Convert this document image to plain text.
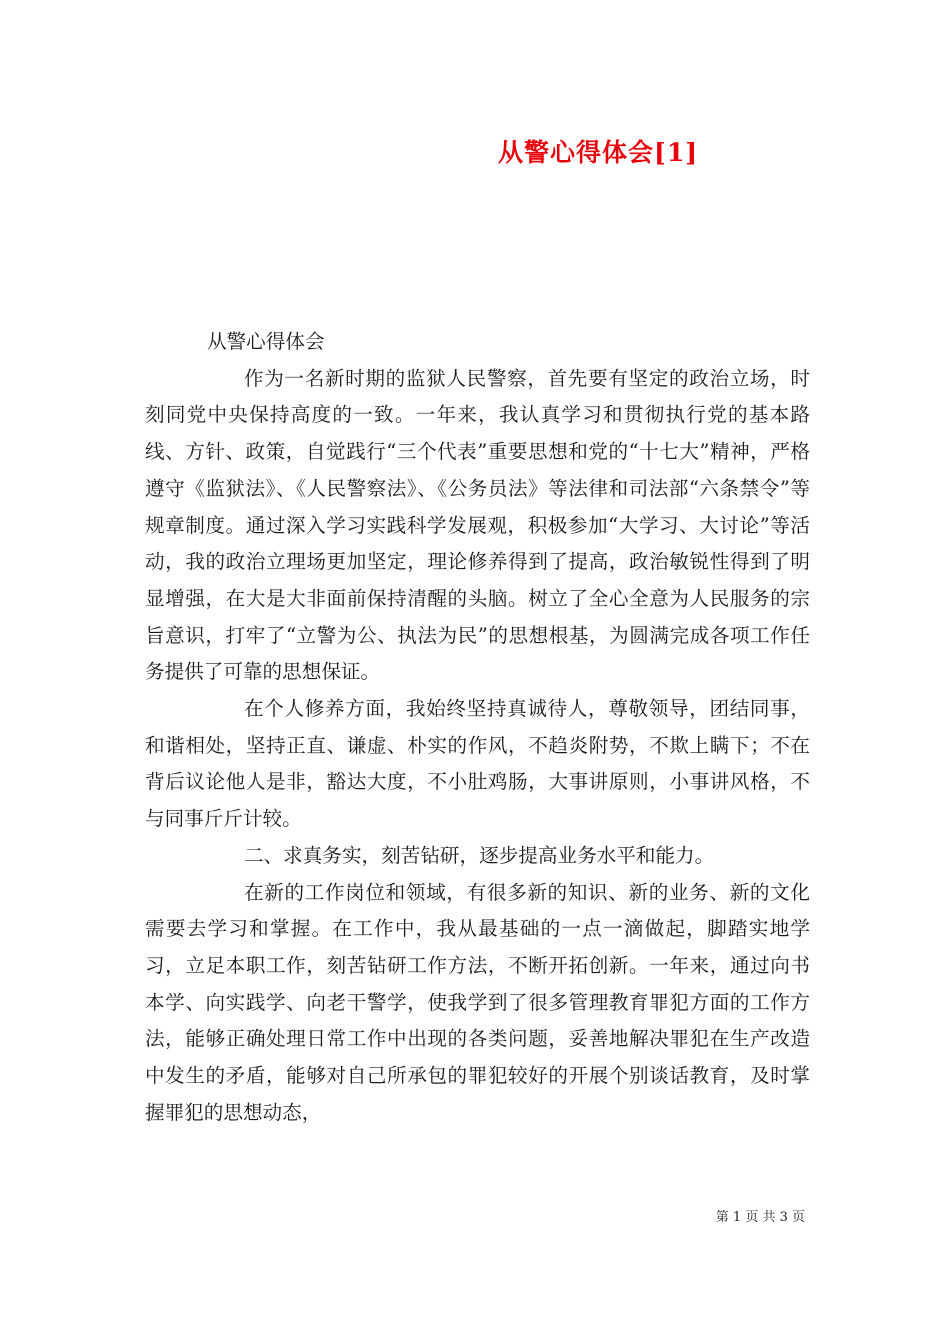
从警心得体会[1]

从警心得体会

作为一名新时期的监狱人民警察，首先要有坚定的政治立场，时刻同党中央保持高度的一致。一年来，我认真学习和贯彻执行党的基本路线、方针、政策，自觉践行“三个代表”重要思想和党的“十七大”精神，严格遵守《监狱法》、《人民警察法》、《公务员法》等法律和司法部“六条禁令”等规章制度。通过深入学习实践科学发展观，积极参加“大学习、大讨论”等活动，我的政治立理场更加坚定，理论修养得到了提高，政治敏锐性得到了明显增强，在大是大非面前保持清醒的头脑。树立了全心全意为人民服务的宗旨意识，打牢了“立警为公、执法为民”的思想根基，为圆满完成各项工作任务提供了可靠的思想保证。

在个人修养方面，我始终坚持真诚待人，尊敬领导，团结同事，和谐相处，坚持正直、谦虚、朴实的作风，不趋炎附势，不欺上瞒下；不在背后议论他人是非，豁达大度，不小肚鸡肠，大事讲原则，小事讲风格，不与同事斤斤计较。

二、求真务实，刻苦钻研，逐步提高业务水平和能力。

在新的工作岗位和领域，有很多新的知识、新的业务、新的文化需要去学习和掌握。在工作中，我从最基础的一点一滴做起，脚踏实地学习，立足本职工作，刻苦钻研工作方法，不断开拓创新。一年来，通过向书本学、向实践学、向老干警学，使我学到了很多管理教育罪犯方面的工作方法，能够正确处理日常工作中出现的各类问题，妥善地解决罪犯在生产改造中发生的矛盾，能够对自己所承包的罪犯较好的开展个别谈话教育，及时掌握罪犯的思想动态，

第 1 页 共 3 页
